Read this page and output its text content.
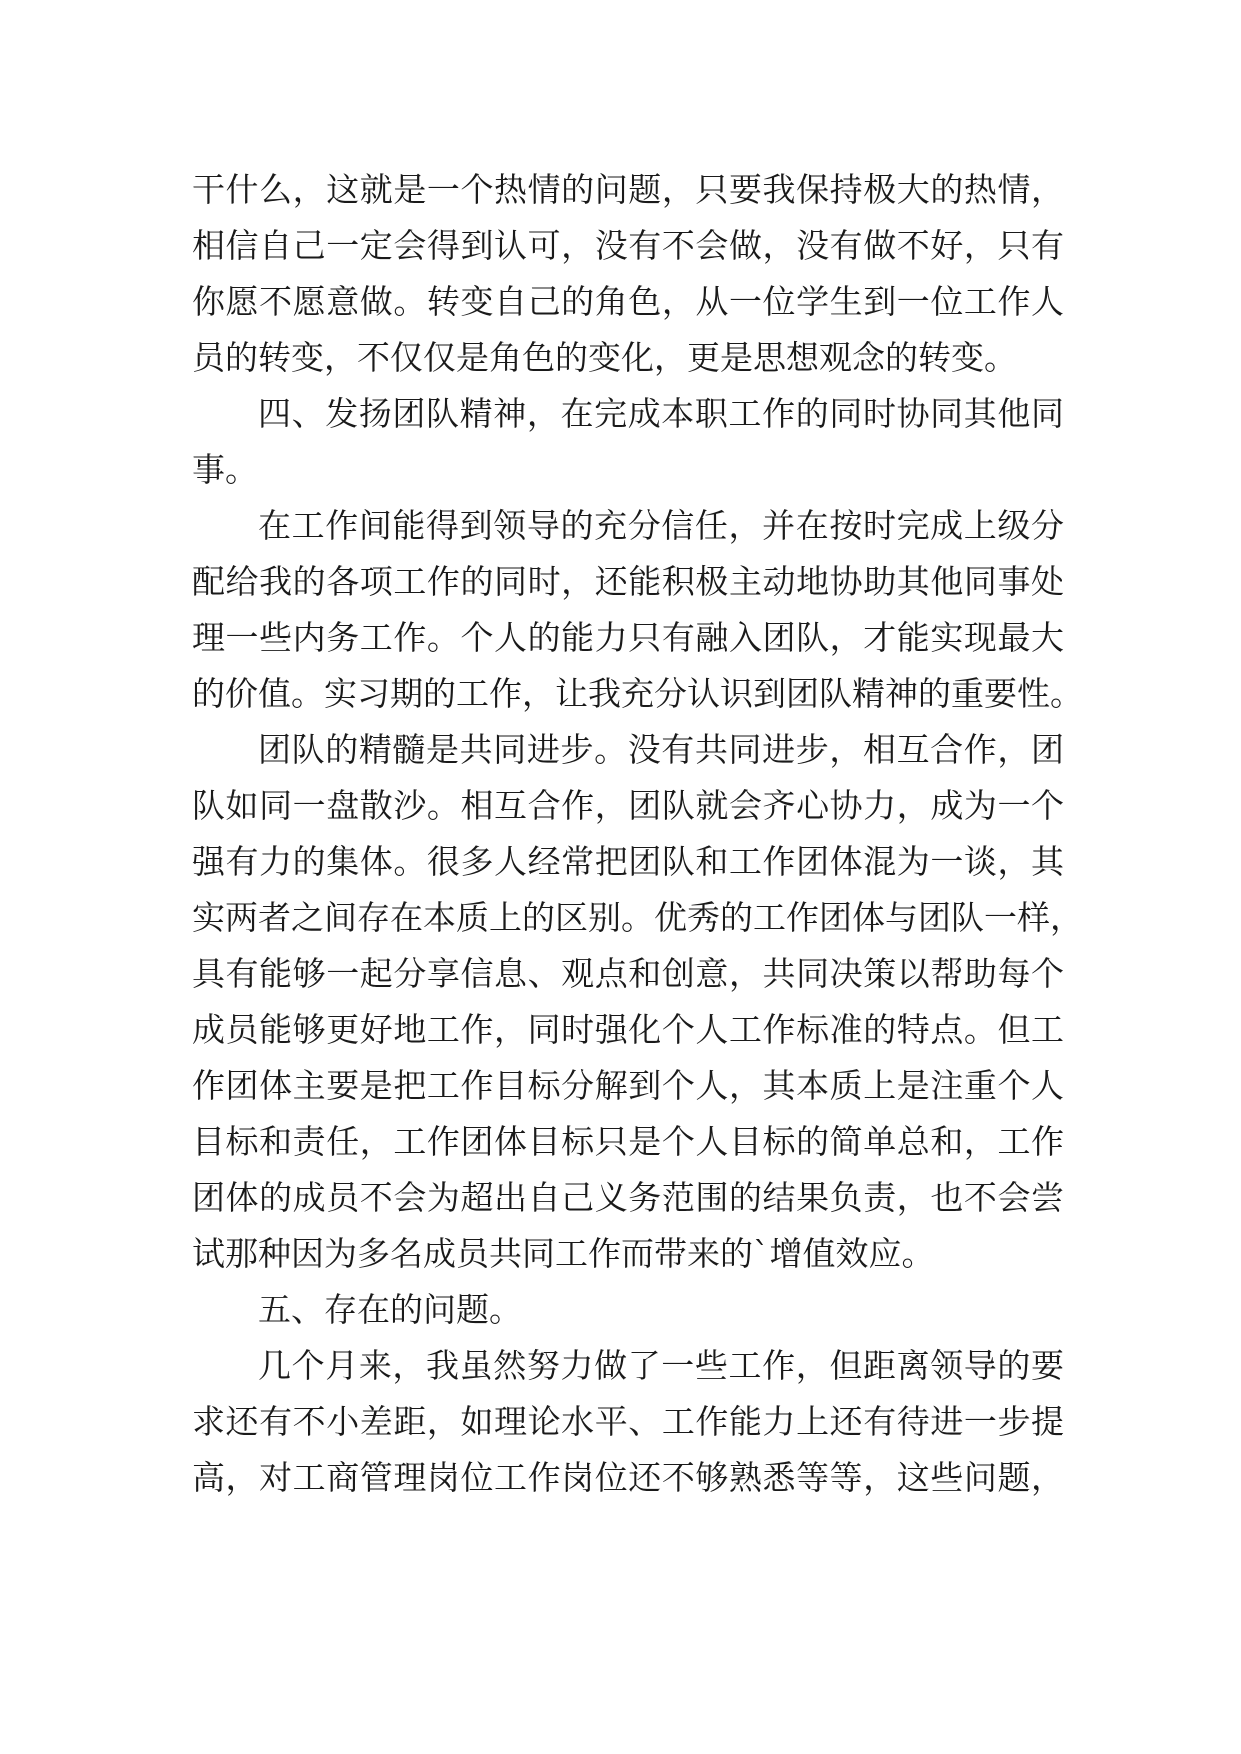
干什么，这就是一个热情的问题，只要我保持极大的热情，
相信自己一定会得到认可，没有不会做，没有做不好，只有
你愿不愿意做。转变自己的角色，从一位学生到一位工作人
员的转变，不仅仅是角色的变化，更是思想观念的转变。
四、发扬团队精神，在完成本职工作的同时协同其他同
事。
在工作间能得到领导的充分信任，并在按时完成上级分
配给我的各项工作的同时，还能积极主动地协助其他同事处
理一些内务工作。个人的能力只有融入团队，才能实现最大
的价值。实习期的工作，让我充分认识到团队精神的重要性。
团队的精髓是共同进步。没有共同进步，相互合作，团
队如同一盘散沙。相互合作，团队就会齐心协力，成为一个
强有力的集体。很多人经常把团队和工作团体混为一谈，其
实两者之间存在本质上的区别。优秀的工作团体与团队一样，
具有能够一起分享信息、观点和创意，共同决策以帮助每个
成员能够更好地工作，同时强化个人工作标准的特点。但工
作团体主要是把工作目标分解到个人，其本质上是注重个人
目标和责任，工作团体目标只是个人目标的简单总和，工作
团体的成员不会为超出自己义务范围的结果负责，也不会尝
试那种因为多名成员共同工作而带来的`增值效应。
五、存在的问题。
几个月来，我虽然努力做了一些工作，但距离领导的要
求还有不小差距，如理论水平、工作能力上还有待进一步提
高，对工商管理岗位工作岗位还不够熟悉等等，这些问题，
